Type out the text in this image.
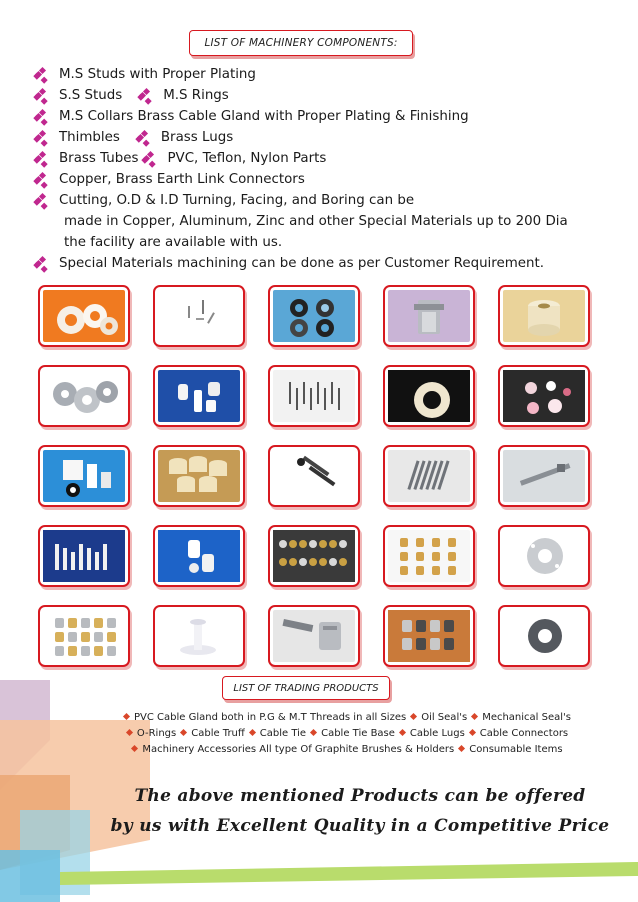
LIST OF MACHINERY COMPONENTS:
M.S Studs with Proper Plating
S.S Studs	M.S Rings
M.S Collars Brass Cable Gland with Proper Plating & Finishing
Thimbles	Brass Lugs
Brass Tubes PVC, Teflon, Nylon Parts
Copper, Brass Earth Link Connectors
Cutting, O.D & I.D Turning, Facing, and Boring can be
made in Copper, Aluminum, Zinc and other Special Materials up to 200 Dia
the facility are available with us.
Special Materials machining can be done as per Customer Requirement.
LIST OF TRADING PRODUCTS
PVC Cable Gland both in P.G & M.T Threads in all Sizes Oil Seal's Mechanical Seal's
O-Rings Cable Truff Cable Tie Cable Tie Base Cable Lugs Cable Connectors
Machinery Accessories All type Of Graphite Brushes & Holders Consumable Items
The above mentioned Products can be offered
by us with Excellent Quality in a Competitive Price
